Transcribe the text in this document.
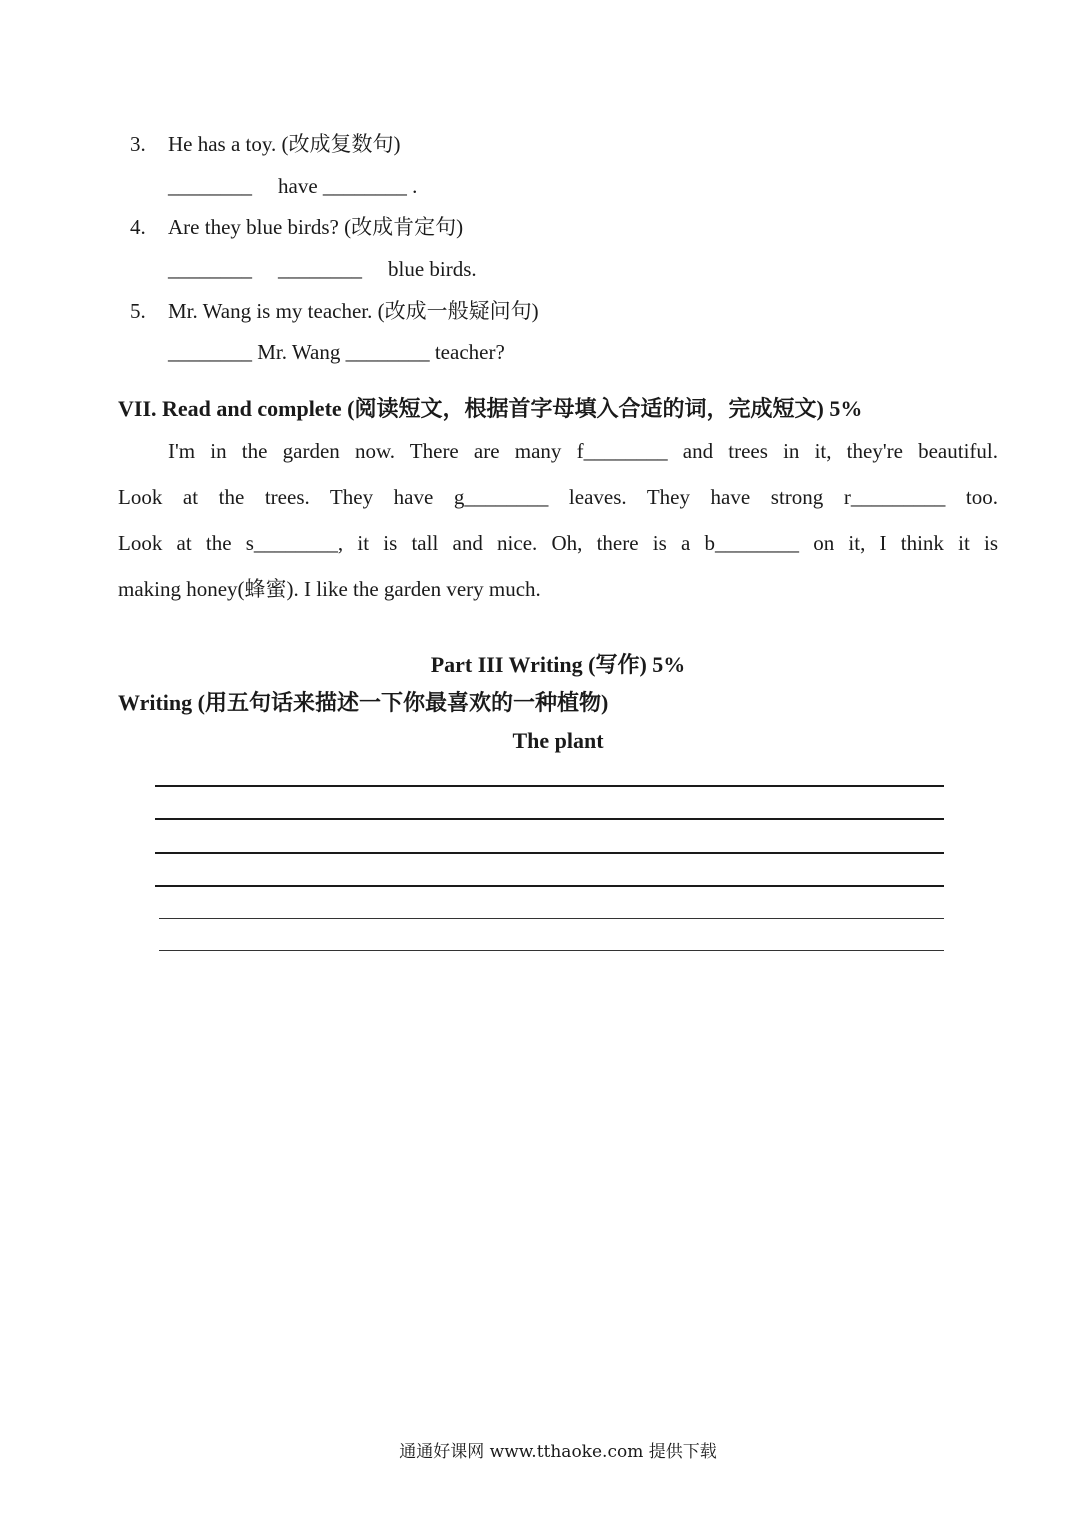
3. He has a toy. (改成复数句)
________ have ________ .
4. Are they blue birds? (改成肯定句)
________ ________ blue birds.
5. Mr. Wang is my teacher. (改成一般疑问句)
________ Mr. Wang ________ teacher?
VII. Read and complete (阅读短文，根据首字母填入合适的词，完成短文) 5%
I'm in the garden now. There are many f________ and trees in it, they're beautiful.
Look at the trees. They have g________ leaves. They have strong r_________ too.
Look at the s________, it is tall and nice. Oh, there is a b________ on it, I think it is
making honey(蜂蜜). I like the garden very much.
Part III Writing (写作) 5%
Writing (用五句话来描述一下你最喜欢的一种植物)
The plant
通通好课网 www.tthaoke.com 提供下载
